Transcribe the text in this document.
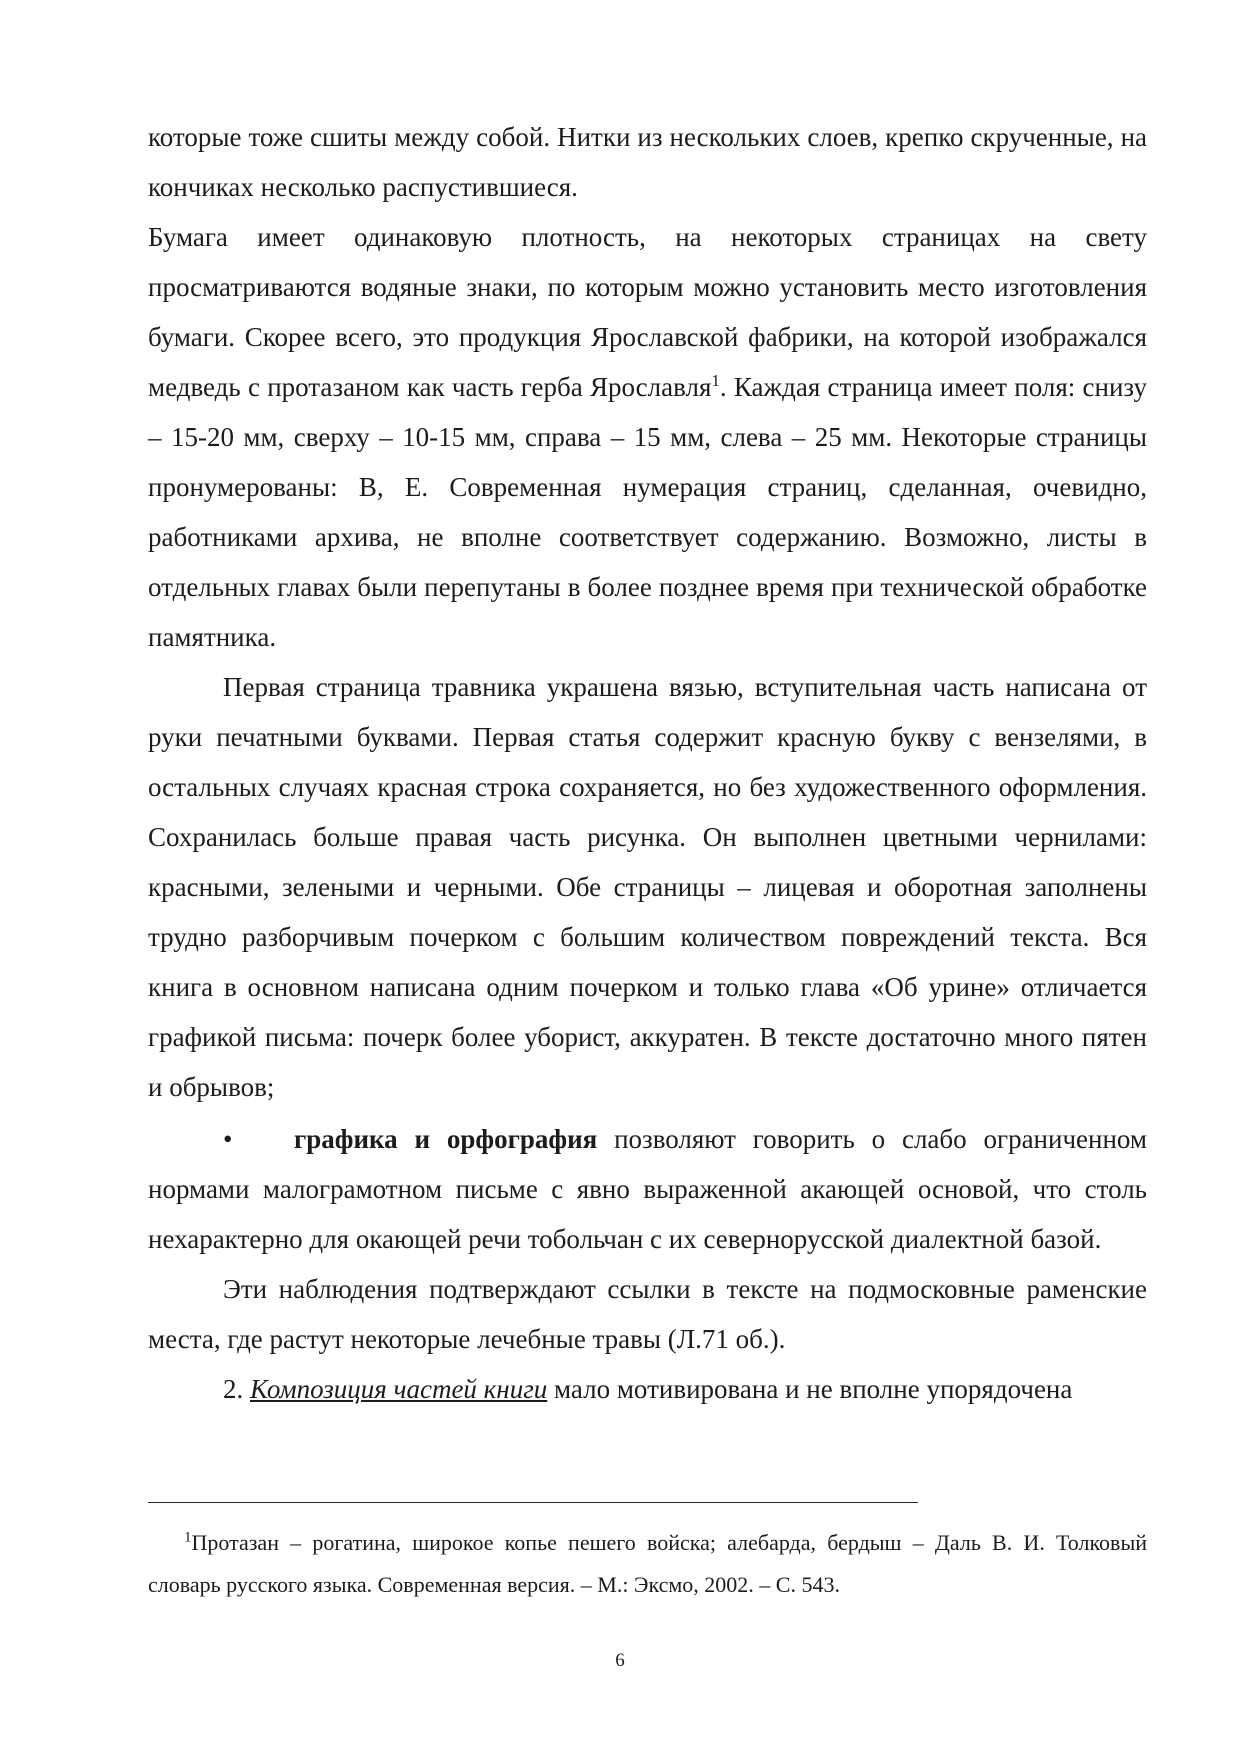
которые тоже сшиты между собой. Нитки из нескольких слоев, крепко скрученные, на кончиках несколько распустившиеся.

Бумага имеет одинаковую плотность, на некоторых страницах на свету просматриваются водяные знаки, по которым можно установить место изготовления бумаги. Скорее всего, это продукция Ярославской фабрики, на которой изображался медведь с протазаном как часть герба Ярославля$^1$. Каждая страница имеет поля: снизу – 15-20 мм, сверху – 10-15 мм, справа – 15 мм, слева – 25 мм. Некоторые страницы пронумерованы: В, Е. Современная нумерация страниц, сделанная, очевидно, работниками архива, не вполне соответствует содержанию. Возможно, листы в отдельных главах были перепутаны в более позднее время при технической обработке памятника.

Первая страница травника украшена вязью, вступительная часть написана от руки печатными буквами. Первая статья содержит красную букву с вензелями, в остальных случаях красная строка сохраняется, но без художественного оформления. Сохранилась больше правая часть рисунка. Он выполнен цветными чернилами: красными, зелеными и черными. Обе страницы – лицевая и оборотная заполнены трудно разборчивым почерком с большим количеством повреждений текста. Вся книга в основном написана одним почерком и только глава «Об урине» отличается графикой письма: почерк более уборист, аккуратен. В тексте достаточно много пятен и обрывов;

• графика и орфография позволяют говорить о слабо ограниченном нормами малограмотном письме с явно выраженной акающей основой, что столь нехарактерно для окающей речи тобольчан с их севернорусской диалектной базой.

Эти наблюдения подтверждают ссылки в тексте на подмосковные раменские места, где растут некоторые лечебные травы (Л.71 об.).

2. Композиция частей книги мало мотивирована и не вполне упорядочена

$^1$Протазан – рогатина, широкое копье пешего войска; алебарда, бердыш – Даль В. И. Толковый словарь русского языка. Современная версия. – М.: Эксмо, 2002. – С. 543.

6
